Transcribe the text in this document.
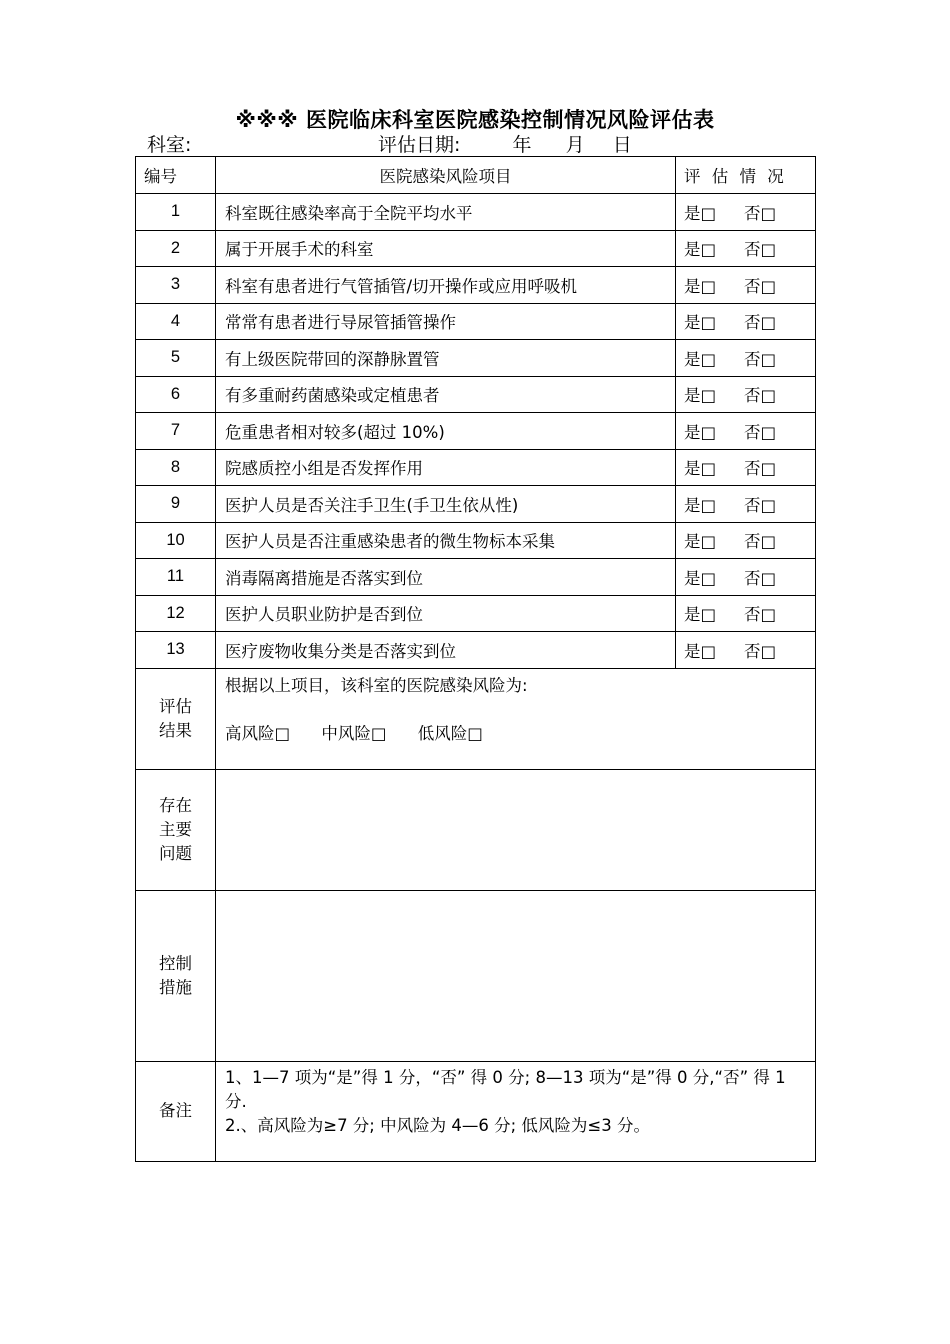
※※※ 医院临床科室医院感染控制情况风险评估表
科室:	评估日期:	年 月 日
编号	医院感染风险项目	评 估 情 况
1	科室既往感染率高于全院平均水平	是□ 否□
2	属于开展手术的科室	是□ 否□
3	科室有患者进行气管插管/切开操作或应用呼吸机	是□ 否□
4	常常有患者进行导尿管插管操作	是□ 否□
5	有上级医院带回的深静脉置管	是□ 否□
6	有多重耐药菌感染或定植患者	是□ 否□
7	危重患者相对较多(超过 10%)	是□ 否□
8	院感质控小组是否发挥作用	是□ 否□
9	医护人员是否关注手卫生(手卫生依从性)	是□ 否□
10	医护人员是否注重感染患者的微生物标本采集	是□ 否□
11	消毒隔离措施是否落实到位	是□ 否□
12	医护人员职业防护是否到位	是□ 否□
13	医疗废物收集分类是否落实到位	是□ 否□

评估
结果	根据以上项目，该科室的医院感染风险为:
高风险□ 中风险□ 低风险□	

存在
主要
问题		

控制
措施		

备注	1、1—7 项为“是”得 1 分，“否” 得 0 分; 8—13 项为“是”得 0 分,“否” 得 1 分.
2.、高风险为≥7 分; 中风险为 4—6 分; 低风险为≤3 分。	
